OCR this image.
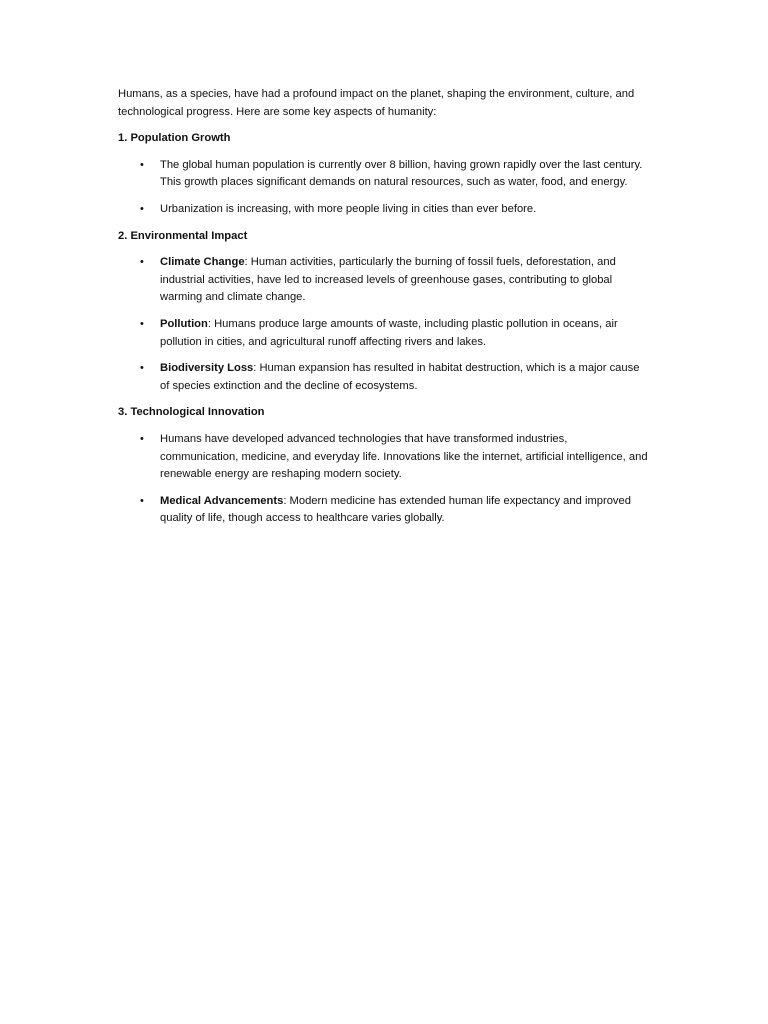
Humans, as a species, have had a profound impact on the planet, shaping the environment, culture, and technological progress. Here are some key aspects of humanity:

1. Population Growth

• The global human population is currently over 8 billion, having grown rapidly over the last century. This growth places significant demands on natural resources, such as water, food, and energy.
• Urbanization is increasing, with more people living in cities than ever before.

2. Environmental Impact

• Climate Change: Human activities, particularly the burning of fossil fuels, deforestation, and industrial activities, have led to increased levels of greenhouse gases, contributing to global warming and climate change.
• Pollution: Humans produce large amounts of waste, including plastic pollution in oceans, air pollution in cities, and agricultural runoff affecting rivers and lakes.
• Biodiversity Loss: Human expansion has resulted in habitat destruction, which is a major cause of species extinction and the decline of ecosystems.

3. Technological Innovation

• Humans have developed advanced technologies that have transformed industries, communication, medicine, and everyday life. Innovations like the internet, artificial intelligence, and renewable energy are reshaping modern society.
• Medical Advancements: Modern medicine has extended human life expectancy and improved quality of life, though access to healthcare varies globally.
